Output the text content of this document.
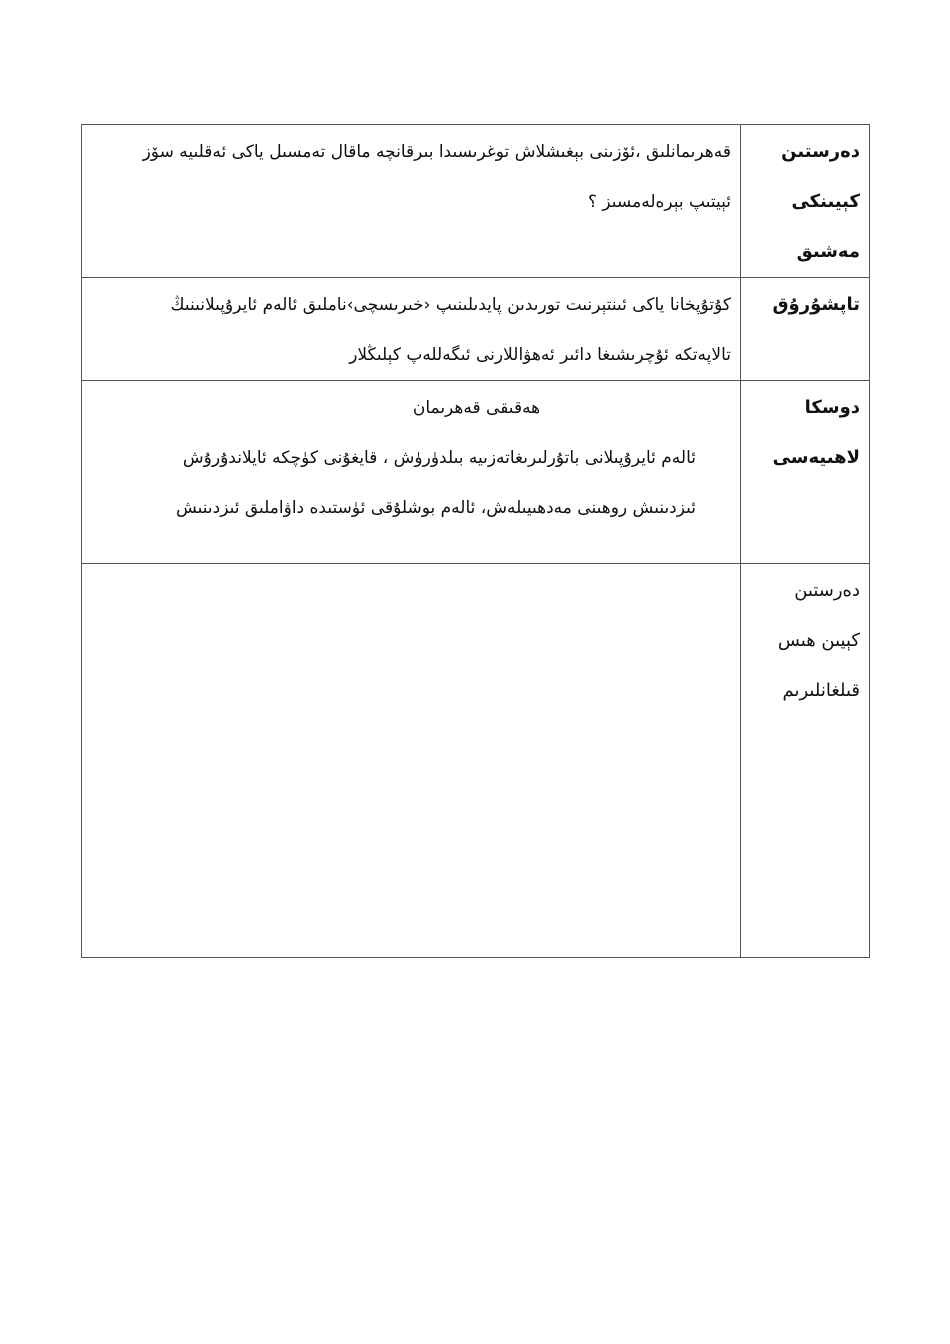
دەرستىن
كېيىنكى
مەشىق	قەھرىمانلىق ،ئۆزىنى بېغىشلاش توغرىسىدا بىرقانچە ماقال تەمسىل ياكى ئەقلىيە سۆز
ئېيتىپ بېرەلەمسىز ؟

تاپشۇرۇق	كۇتۇپخانا ياكى ئىنتېرنىت تورىدىن پايدىلىنىپ ‹خىرىسچى›ناملىق ئالەم ئايرۇپىلانىنىڭ
تالاپەتكە ئۇچرىشىغا دائىر ئەھۋاللارنى ئىگەللەپ كېلىڭلار

دوسكا
لاھىيەسى	ھەقىقى قەھرىمان
ئالەم ئايرۇپىلانى باتۇرلىرىغاتەزىيە بىلدۈرۈش ، قايغۇنى كۈچكە ئايلاندۇرۇش
ئىزدىنىش روھىنى مەدھىيىلەش، ئالەم بوشلۇقى ئۈستىدە داۋاملىق ئىزدىنىش

دەرستىن
كېيىن ھىس
قىلغانلىرىم	
